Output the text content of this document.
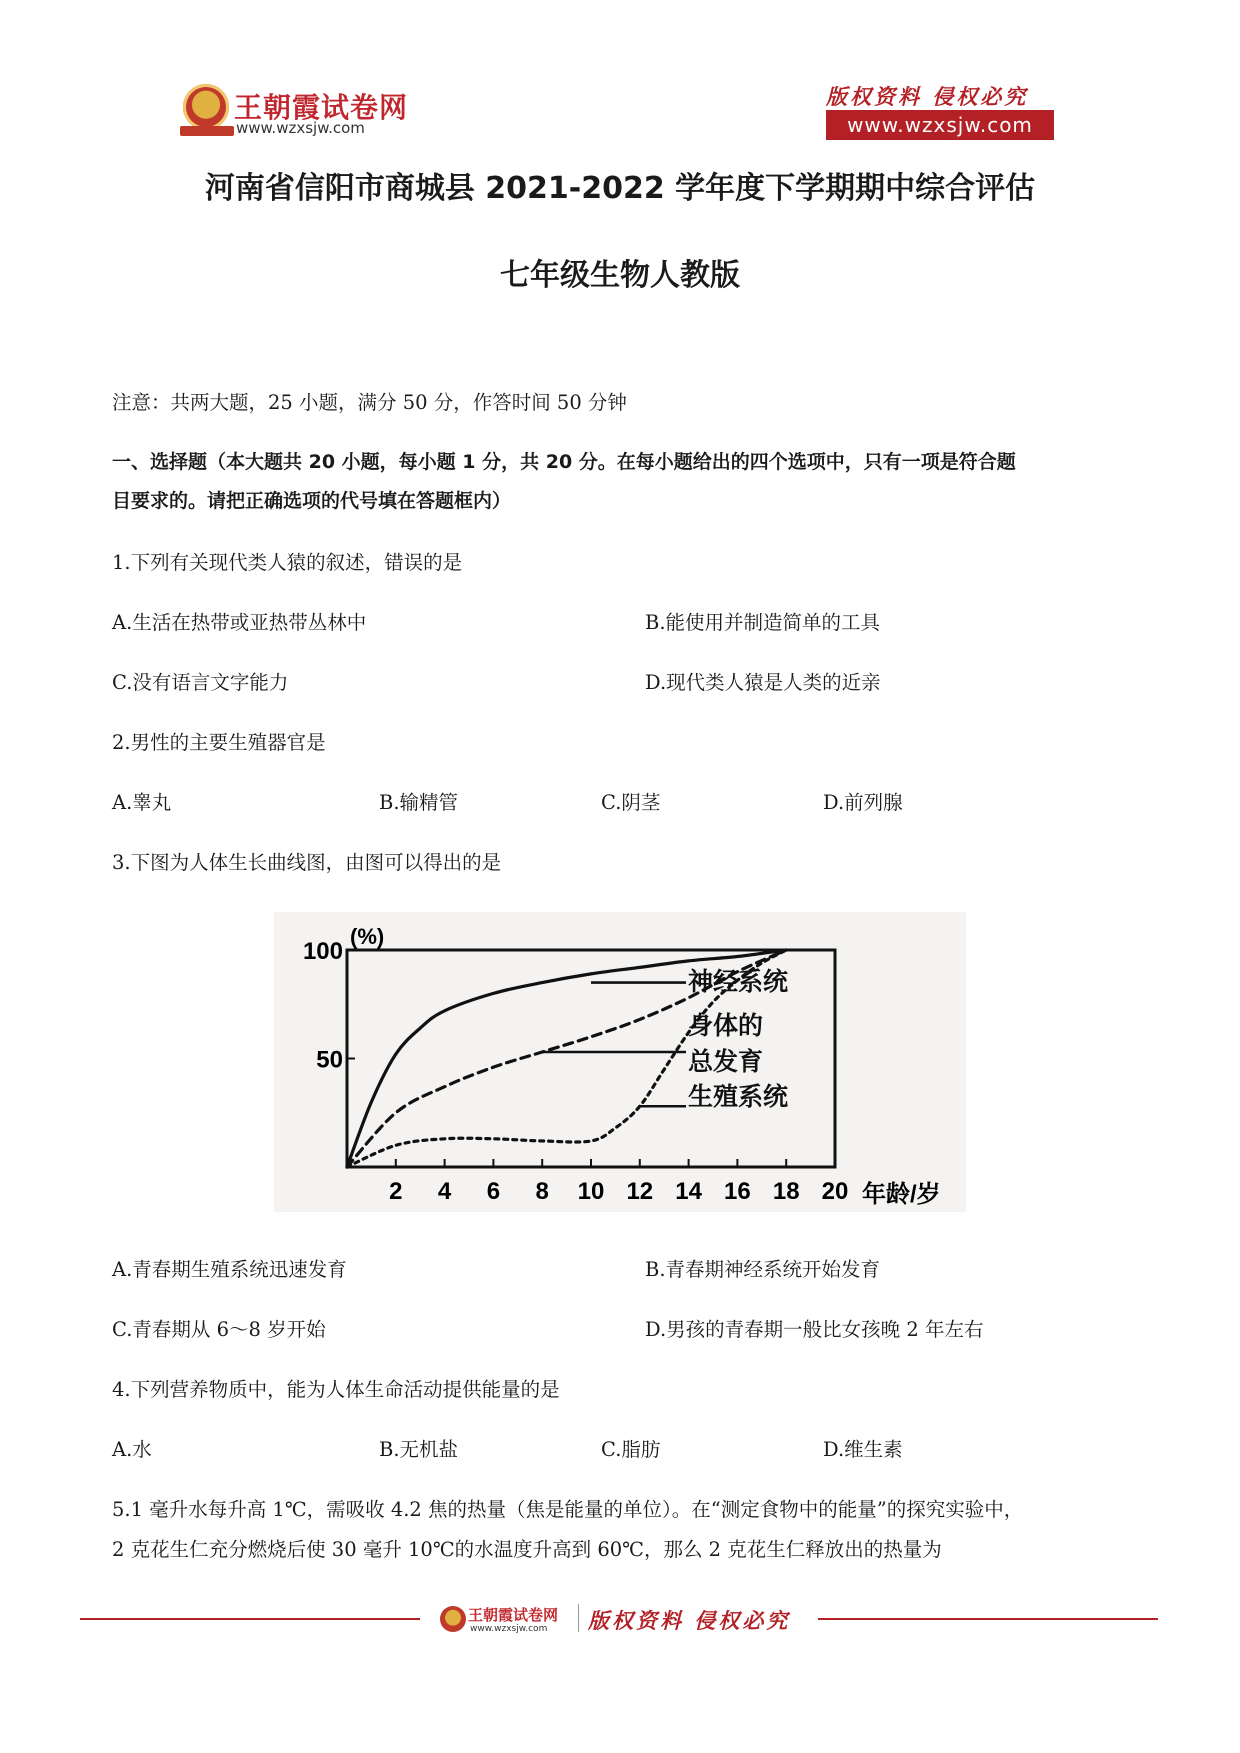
王朝霞试卷网
www.wzxsjw.com
版权资料 侵权必究
www.wzxsjw.com
河南省信阳市商城县 2021-2022 学年度下学期期中综合评估
七年级生物人教版
注意：共两大题，25 小题，满分 50 分，作答时间 50 分钟
一、选择题（本大题共 20 小题，每小题 1 分，共 20 分。在每小题给出的四个选项中，只有一项是符合题
目要求的。请把正确选项的代号填在答题框内）
1.下列有关现代类人猿的叙述，错误的是
A.生活在热带或亚热带丛林中	B.能使用并制造简单的工具
C.没有语言文字能力	D.现代类人猿是人类的近亲
2.男性的主要生殖器官是
A.睾丸	B.输精管	C.阴茎	D.前列腺
3.下图为人体生长曲线图，由图可以得出的是
(%)
年龄/岁
2 4 6 8 10 12 14 16 18 20
100
50
神经系统
身体的
总发育
生殖系统
A.青春期生殖系统迅速发育	B.青春期神经系统开始发育
C.青春期从 6～8 岁开始	D.男孩的青春期一般比女孩晚 2 年左右
4.下列营养物质中，能为人体生命活动提供能量的是
A.水	B.无机盐	C.脂肪	D.维生素
5.1 毫升水每升高 1℃，需吸收 4.2 焦的热量（焦是能量的单位）。在“测定食物中的能量”的探究实验中，
2 克花生仁充分燃烧后使 30 毫升 10℃的水温度升高到 60℃，那么 2 克花生仁释放出的热量为
王朝霞试卷网
www.wzxsjw.com 版权资料 侵权必究
